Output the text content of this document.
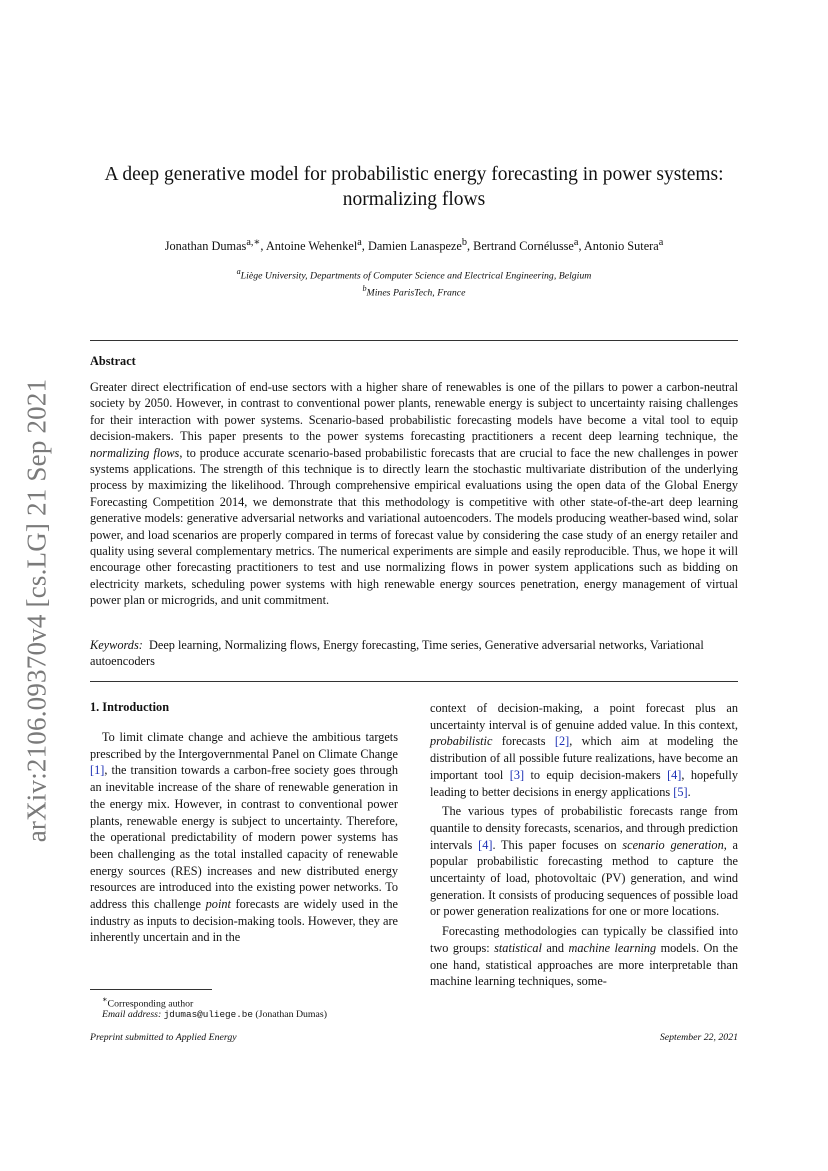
arXiv:2106.09370v4 [cs.LG] 21 Sep 2021
A deep generative model for probabilistic energy forecasting in power systems:
normalizing flows
Jonathan Dumas$^{a,∗}$, Antoine Wehenkel$^a$, Damien Lanaspeze$^b$, Bertrand Cornélusse$^a$, Antonio Sutera$^a$
$^a$Liège University, Departments of Computer Science and Electrical Engineering, Belgium
$^b$Mines ParisTech, France
Abstract

Greater direct electrification of end-use sectors with a higher share of renewables is one of the pillars to power a carbon-neutral society by 2050. However, in contrast to conventional power plants, renewable energy is subject to uncertainty raising challenges for their interaction with power systems. Scenario-based probabilistic forecasting models have become a vital tool to equip decision-makers. This paper presents to the power systems forecasting practitioners a recent deep learning technique, the normalizing flows, to produce accurate scenario-based probabilistic forecasts that are crucial to face the new challenges in power systems applications. The strength of this technique is to directly learn the stochastic multivariate distribution of the underlying process by maximizing the likelihood. Through comprehensive empirical evaluations using the open data of the Global Energy Forecasting Competition 2014, we demonstrate that this methodology is competitive with other state-of-the-art deep learning generative models: generative adversarial networks and variational autoencoders. The models producing weather-based wind, solar power, and load scenarios are properly compared in terms of forecast value by considering the case study of an energy retailer and quality using several complementary metrics. The numerical experiments are simple and easily reproducible. Thus, we hope it will encourage other forecasting practitioners to test and use normalizing flows in power system applications such as bidding on electricity markets, scheduling power systems with high renewable energy sources penetration, energy management of virtual power plan or microgrids, and unit commitment.

Keywords: Deep learning, Normalizing flows, Energy forecasting, Time series, Generative adversarial networks, Variational autoencoders

1. Introduction

To limit climate change and achieve the ambitious targets prescribed by the Intergovernmental Panel on Climate Change [1], the transition towards a carbon-free society goes through an inevitable increase of the share of renewable generation in the energy mix. However, in contrast to conventional power plants, renewable energy is subject to uncertainty. Therefore, the operational predictability of modern power systems has been challenging as the total installed capacity of renewable energy sources (RES) increases and new distributed energy resources are introduced into the existing power networks. To address this challenge point forecasts are widely used in the industry as inputs to decision-making tools. However, they are inherently uncertain and in the

context of decision-making, a point forecast plus an uncertainty interval is of genuine added value. In this context, probabilistic forecasts [2], which aim at modeling the distribution of all possible future realizations, have become an important tool [3] to equip decision-makers [4], hopefully leading to better decisions in energy applications [5].

The various types of probabilistic forecasts range from quantile to density forecasts, scenarios, and through prediction intervals [4]. This paper focuses on scenario generation, a popular probabilistic forecasting method to capture the uncertainty of load, photovoltaic (PV) generation, and wind generation. It consists of producing sequences of possible load or power generation realizations for one or more locations.

Forecasting methodologies can typically be classified into two groups: statistical and machine learning models. On the one hand, statistical approaches are more interpretable than machine learning techniques, some-

∗Corresponding author
Email address: jdumas@uliege.be (Jonathan Dumas)
Preprint submitted to Applied Energy	September 22, 2021
